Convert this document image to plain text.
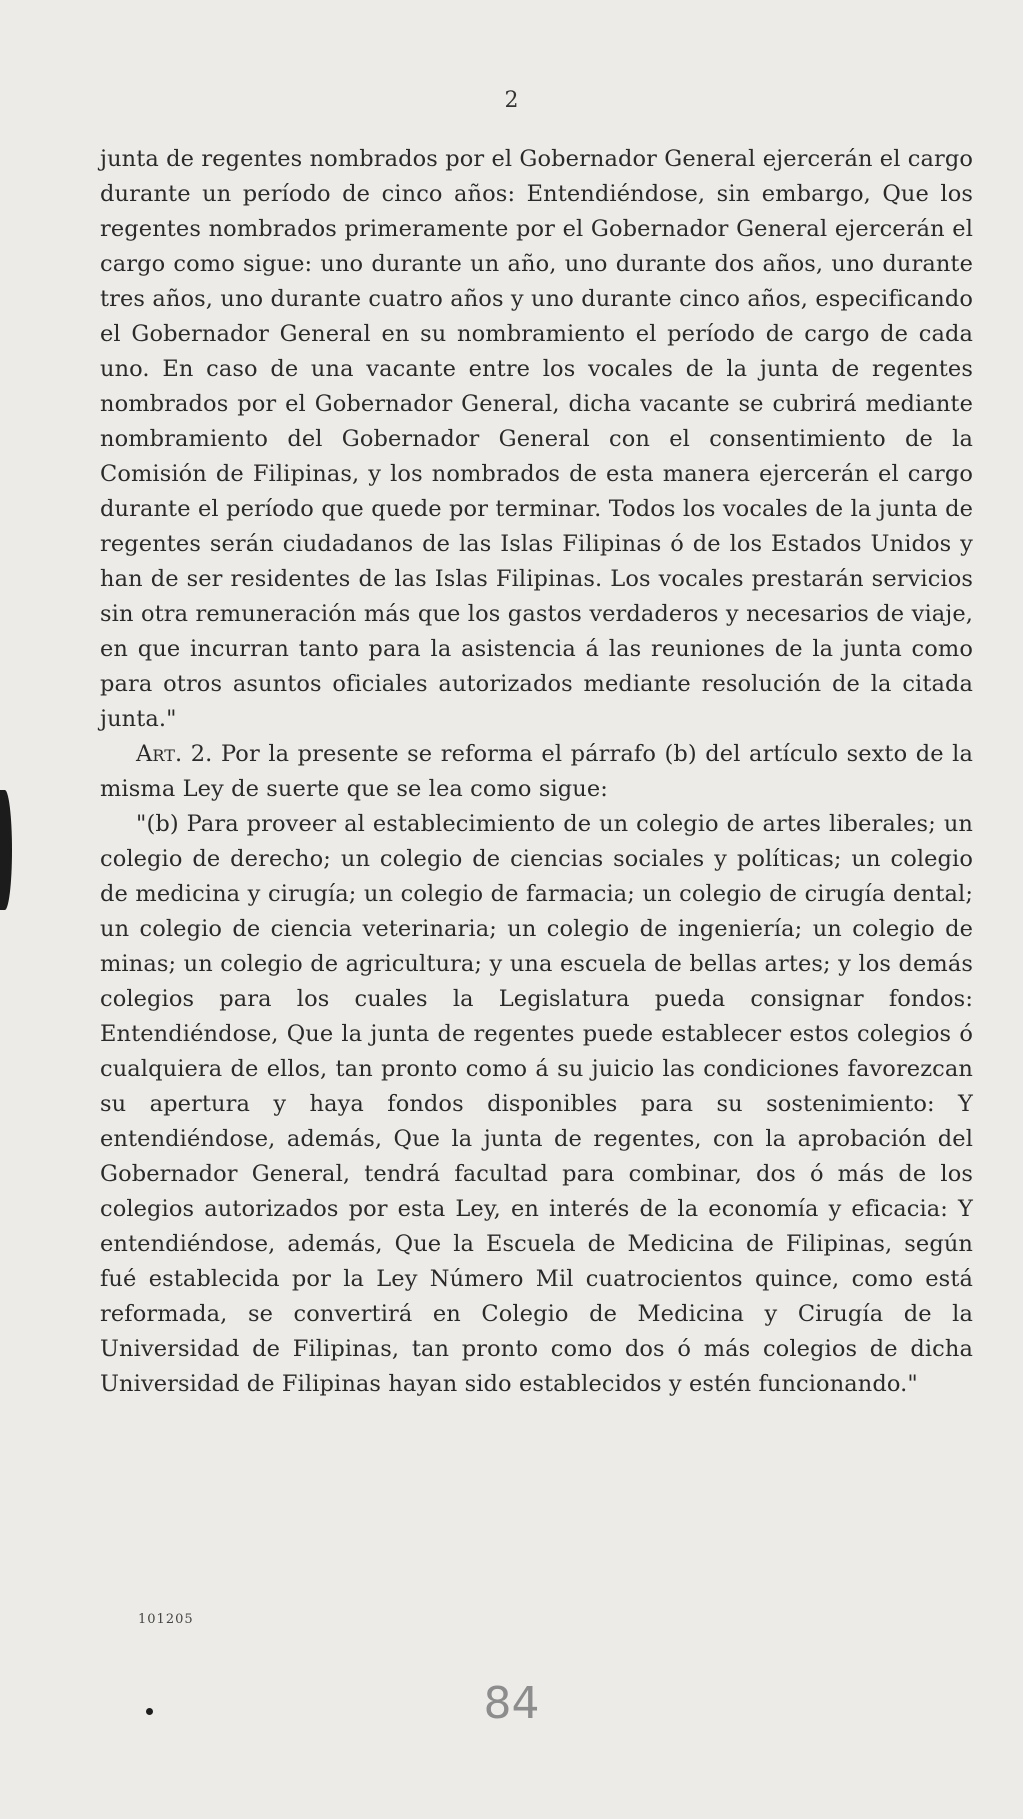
2

junta de regentes nombrados por el Gobernador General ejercerán el cargo durante un período de cinco años: Entendiéndose, sin embargo, Que los regentes nombrados primeramente por el Gobernador General ejercerán el cargo como sigue: uno durante un año, uno durante dos años, uno durante tres años, uno durante cuatro años y uno durante cinco años, especificando el Gobernador General en su nombramiento el período de cargo de cada uno. En caso de una vacante entre los vocales de la junta de regentes nombrados por el Gobernador General, dicha vacante se cubrirá mediante nombramiento del Gobernador General con el consentimiento de la Comisión de Filipinas, y los nombrados de esta manera ejercerán el cargo durante el período que quede por terminar. Todos los vocales de la junta de regentes serán ciudadanos de las Islas Filipinas ó de los Estados Unidos y han de ser residentes de las Islas Filipinas. Los vocales prestarán servicios sin otra remuneración más que los gastos verdaderos y necesarios de viaje, en que incurran tanto para la asistencia á las reuniones de la junta como para otros asuntos oficiales autorizados mediante resolución de la citada junta."

Art. 2. Por la presente se reforma el párrafo (b) del artículo sexto de la misma Ley de suerte que se lea como sigue:

"(b) Para proveer al establecimiento de un colegio de artes liberales; un colegio de derecho; un colegio de ciencias sociales y políticas; un colegio de medicina y cirugía; un colegio de farmacia; un colegio de cirugía dental; un colegio de ciencia veterinaria; un colegio de ingeniería; un colegio de minas; un colegio de agricultura; y una escuela de bellas artes; y los demás colegios para los cuales la Legislatura pueda consignar fondos: Entendiéndose, Que la junta de regentes puede establecer estos colegios ó cualquiera de ellos, tan pronto como á su juicio las condiciones favorezcan su apertura y haya fondos disponibles para su sostenimiento: Y entendiéndose, además, Que la junta de regentes, con la aprobación del Gobernador General, tendrá facultad para combinar, dos ó más de los colegios autorizados por esta Ley, en interés de la economía y eficacia: Y entendiéndose, además, Que la Escuela de Medicina de Filipinas, según fué establecida por la Ley Número Mil cuatrocientos quince, como está reformada, se convertirá en Colegio de Medicina y Cirugía de la Universidad de Filipinas, tan pronto como dos ó más colegios de dicha Universidad de Filipinas hayan sido establecidos y estén funcionando."

101205
84
